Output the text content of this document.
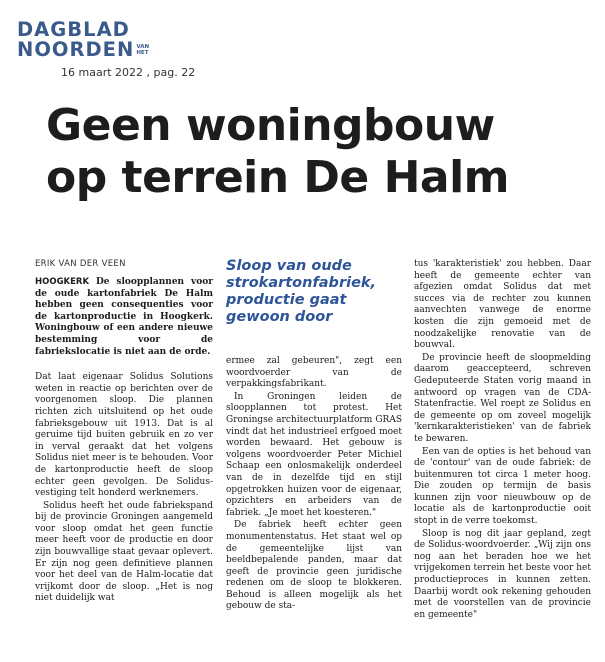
DAGBLAD
NOORDEN VAN
HET
16 maart 2022 , pag. 22
Geen woningbouw
op terrein De Halm
ERIK VAN DER VEEN

HOOGKERK De sloopplannen voor de oude kartonfabriek De Halm hebben geen consequenties voor de kartonproductie in Hoogkerk. Woningbouw of een andere nieuwe bestemming voor de fabriekslocatie is niet aan de orde.

Dat laat eigenaar Solidus Solutions weten in reactie op berichten over de voorgenomen sloop. Die plannen richten zich uitsluitend op het oude fabrieksgebouw uit 1913. Dat is al geruime tijd buiten gebruik en zo ver in verval geraakt dat het volgens Solidus niet meer is te behouden. Voor de kartonproductie heeft de sloop echter geen gevolgen. De Solidus-vestiging telt honderd werknemers.

Solidus heeft het oude fabriekspand bij de provincie Groningen aangemeld voor sloop omdat het geen functie meer heeft voor de productie en door zijn bouwvallige staat gevaar oplevert. Er zijn nog geen definitieve plannen voor het deel van de Halm-locatie dat vrijkomt door de sloop. „Het is nog niet duidelijk wat

Sloop van oude strokartonfabriek, productie gaat gewoon door

ermee zal gebeuren", zegt een woordvoerder van de verpakkingsfabrikant.

In Groningen leiden de sloopplannen tot protest. Het Groningse architectuurplatform GRAS vindt dat het industrieel erfgoed moet worden bewaard. Het gebouw is volgens woordvoerder Peter Michiel Schaap een onlosmakelijk onderdeel van de in dezelfde tijd en stijl opgetrokken huizen voor de eigenaar, opzichters en arbeiders van de fabriek. „Je moet het koesteren."

De fabriek heeft echter geen monumentenstatus. Het staat wel op de gemeentelijke lijst van beeldbepalende panden, maar dat geeft de provincie geen juridische redenen om de sloop te blokkeren. Behoud is alleen mogelijk als het gebouw de sta-

tus 'karakteristiek' zou hebben. Daar heeft de gemeente echter van afgezien omdat Solidus dat met succes via de rechter zou kunnen aanvechten vanwege de enorme kosten die zijn gemoeid met de noodzakelijke renovatie van de bouwval.

De provincie heeft de sloopmelding daarom geaccepteerd, schreven Gedeputeerde Staten vorig maand in antwoord op vragen van de CDA-Statenfractie. Wel roept ze Solidus en de gemeente op om zoveel mogelijk 'kernkarakteristieken' van de fabriek te bewaren.

Een van de opties is het behoud van de 'contour' van de oude fabriek: de buitenmuren tot circa 1 meter hoog. Die zouden op termijn de basis kunnen zijn voor nieuwbouw op de locatie als de kartonproductie ooit stopt in de verre toekomst.

Sloop is nog dit jaar gepland, zegt de Solidus-woordvoerder. „Wij zijn ons nog aan het beraden hoe we het vrijgekomen terrein het beste voor het productieproces in kunnen zetten. Daarbij wordt ook rekening gehouden met de voorstellen van de provincie en gemeente"
